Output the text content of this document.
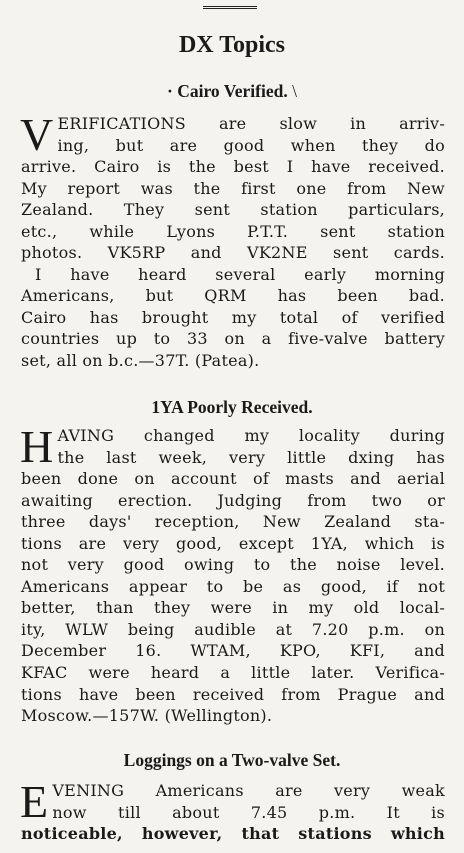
DX Topics
· Cairo Verified. \
V ERIFICATIONS are slow in arriv-
ing, but are good when they do
arrive. Cairo is the best I have received.
My report was the first one from New
Zealand. They sent station particulars,
etc., while Lyons P.T.T. sent station
photos. VK5RP and VK2NE sent cards.
I have heard several early morning
Americans, but QRM has been bad.
Cairo has brought my total of verified
countries up to 33 on a five-valve battery
set, all on b.c.—37T. (Patea).
1YA Poorly Received.
H AVING changed my locality during
the last week, very little dxing has
been done on account of masts and aerial
awaiting erection. Judging from two or
three days' reception, New Zealand sta-
tions are very good, except 1YA, which is
not very good owing to the noise level.
Americans appear to be as good, if not
better, than they were in my old local-
ity, WLW being audible at 7.20 p.m. on
December 16. WTAM, KPO, KFI, and
KFAC were heard a little later. Verifica-
tions have been received from Prague and
Moscow.—157W. (Wellington).
Loggings on a Two-valve Set.
E VENING Americans are very weak
now till about 7.45 p.m. It is
noticeable, however, that stations which
